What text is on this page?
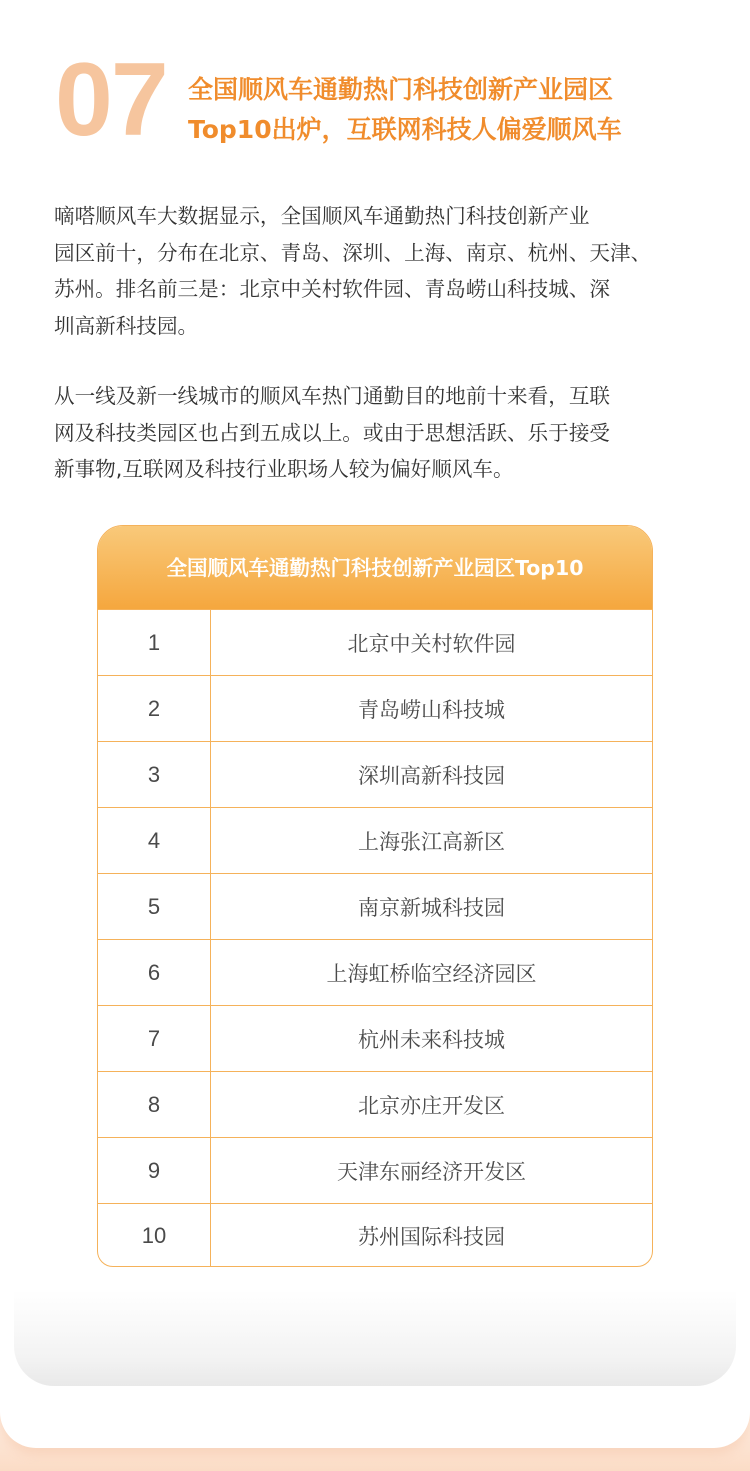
07 全国顺风车通勤热门科技创新产业园区
Top10出炉，互联网科技人偏爱顺风车
嘀嗒顺风车大数据显示，全国顺风车通勤热门科技创新产业
园区前十，分布在北京、青岛、深圳、上海、南京、杭州、天津、
苏州。排名前三是：北京中关村软件园、青岛崂山科技城、深
圳高新科技园。
从一线及新一线城市的顺风车热门通勤目的地前十来看，互联
网及科技类园区也占到五成以上。或由于思想活跃、乐于接受
新事物,互联网及科技行业职场人较为偏好顺风车。
全国顺风车通勤热门科技创新产业园区Top10
1	北京中关村软件园
2	青岛崂山科技城
3	深圳高新科技园
4	上海张江高新区
5	南京新城科技园
6	上海虹桥临空经济园区
7	杭州未来科技城
8	北京亦庄开发区
9	天津东丽经济开发区
10	苏州国际科技园
